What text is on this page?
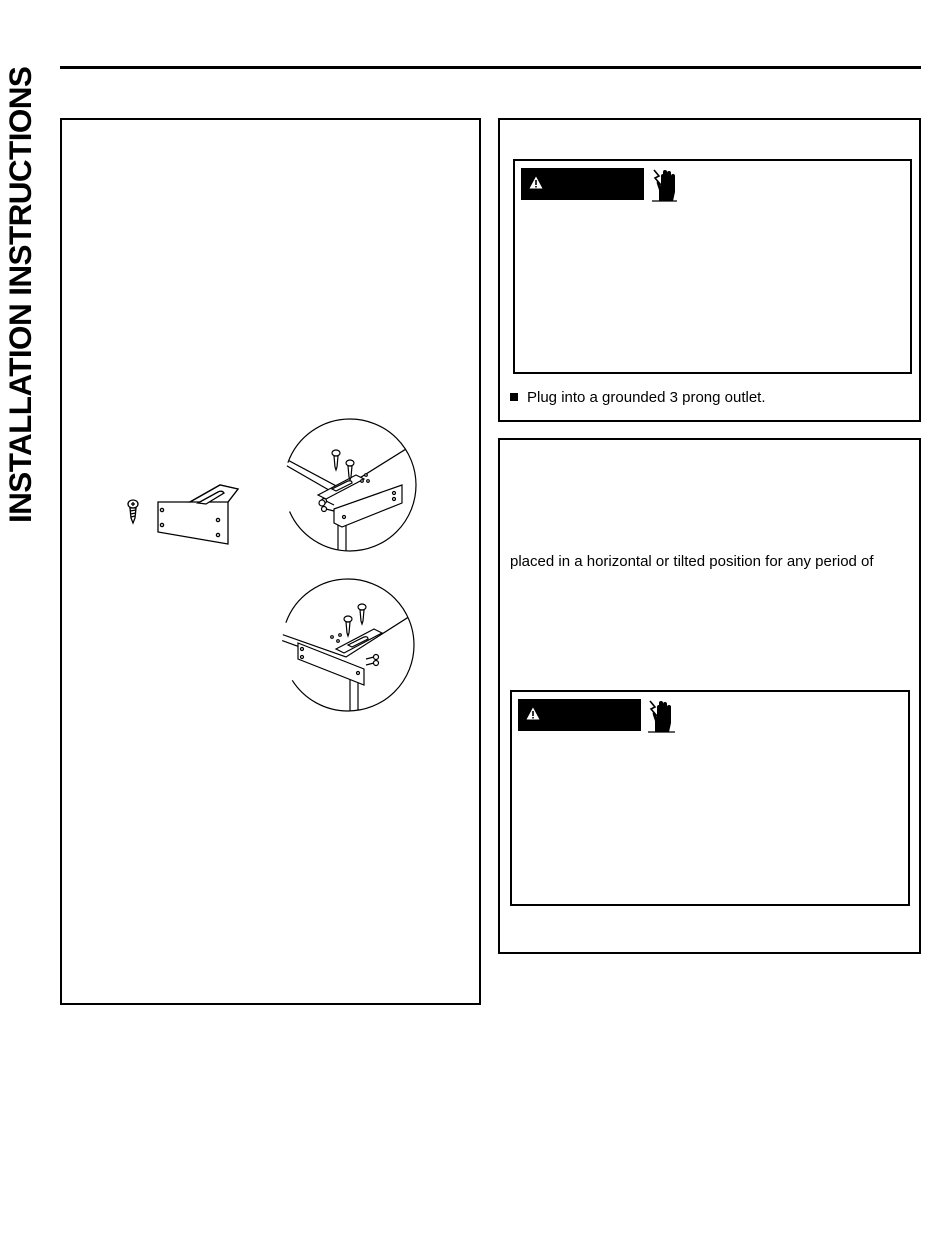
INSTALLATION INSTRUCTIONS	Plug into a grounded 3 prong outlet.
placed in a horizontal or tilted position for any period of
